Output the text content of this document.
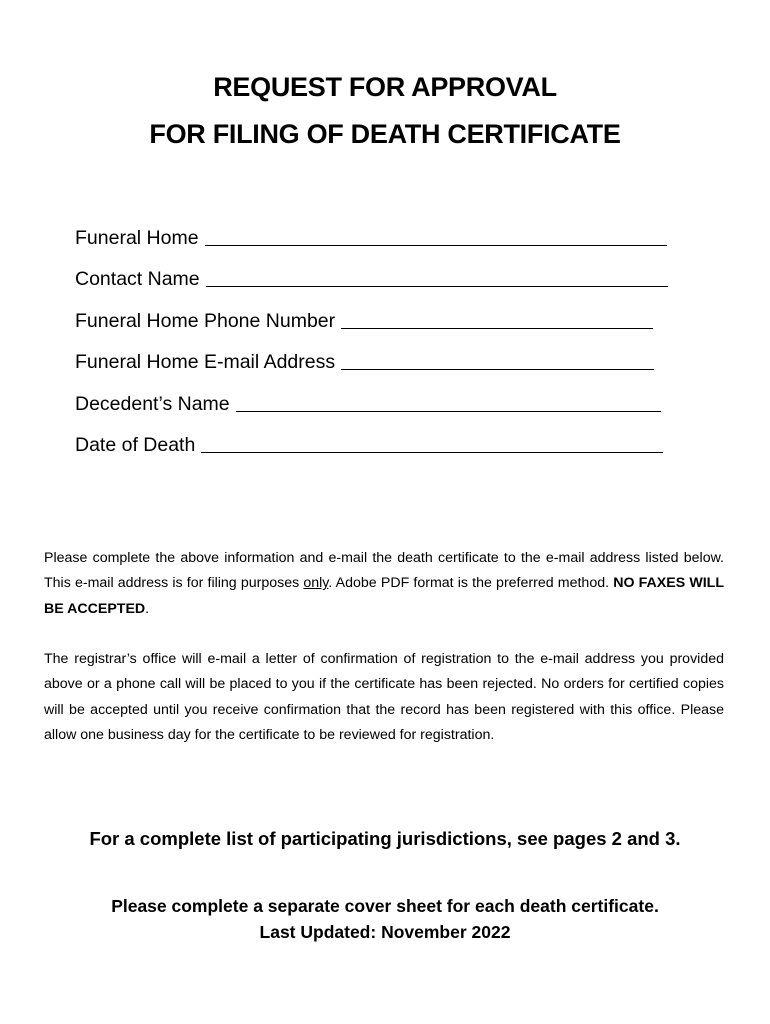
REQUEST FOR APPROVAL
FOR FILING OF DEATH CERTIFICATE
Funeral Home
Contact Name
Funeral Home Phone Number
Funeral Home E-mail Address
Decedent’s Name
Date of Death
Please complete the above information and e-mail the death certificate to the e-mail address listed below. This e-mail address is for filing purposes only. Adobe PDF format is the preferred method. NO FAXES WILL BE ACCEPTED.
The registrar’s office will e-mail a letter of confirmation of registration to the e-mail address you provided above or a phone call will be placed to you if the certificate has been rejected. No orders for certified copies will be accepted until you receive confirmation that the record has been registered with this office. Please allow one business day for the certificate to be reviewed for registration.
For a complete list of participating jurisdictions, see pages 2 and 3.
Please complete a separate cover sheet for each death certificate.
Last Updated: November 2022
